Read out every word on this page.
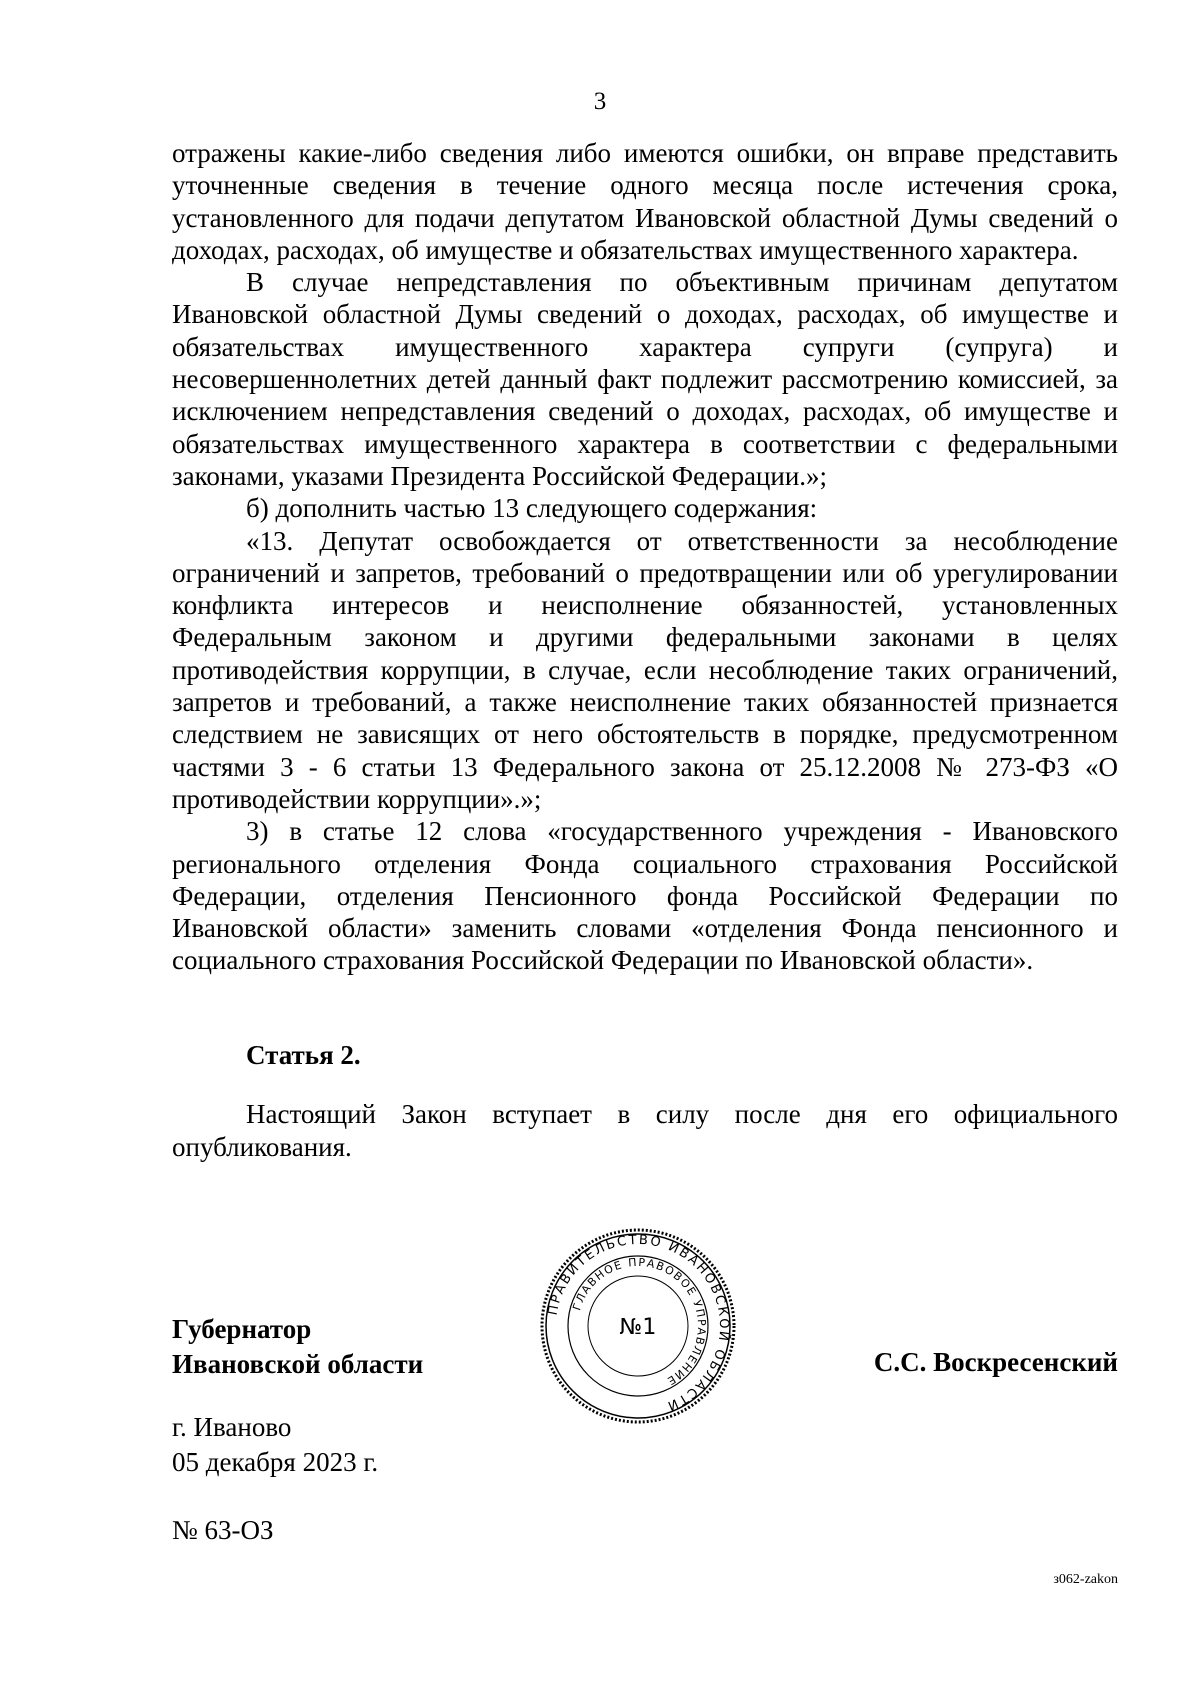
3

отражены какие-либо сведения либо имеются ошибки, он вправе представить уточненные сведения в течение одного месяца после истечения срока, установленного для подачи депутатом Ивановской областной Думы сведений о доходах, расходах, об имуществе и обязательствах имущественного характера.

В случае непредставления по объективным причинам депутатом Ивановской областной Думы сведений о доходах, расходах, об имуществе и обязательствах имущественного характера супруги (супруга) и несовершеннолетних детей данный факт подлежит рассмотрению комиссией, за исключением непредставления сведений о доходах, расходах, об имуществе и обязательствах имущественного характера в соответствии с федеральными законами, указами Президента Российской Федерации.»;

б) дополнить частью 13 следующего содержания:

«13. Депутат освобождается от ответственности за несоблюдение ограничений и запретов, требований о предотвращении или об урегулировании конфликта интересов и неисполнение обязанностей, установленных Федеральным законом и другими федеральными законами в целях противодействия коррупции, в случае, если несоблюдение таких ограничений, запретов и требований, а также неисполнение таких обязанностей признается следствием не зависящих от него обстоятельств в порядке, предусмотренном частями 3 - 6 статьи 13 Федерального закона от 25.12.2008 № 273-ФЗ «О противодействии коррупции».»;

3) в статье 12 слова «государственного учреждения - Ивановского регионального отделения Фонда социального страхования Российской Федерации, отделения Пенсионного фонда Российской Федерации по Ивановской области» заменить словами «отделения Фонда пенсионного и социального страхования Российской Федерации по Ивановской области».

Статья 2.
Настоящий Закон вступает в силу после дня его официального опубликования.
Губернатор
Ивановской области
ПРАВИТЕЛЬСТВО ИВАНОВСКОЙ ОБЛАСТИ
ГЛАВНОЕ ПРАВОВОЕ УПРАВЛЕНИЕ
№1
С.С. Воскресенский
г. Иваново
05 декабря 2023 г.
№ 63-ОЗ
з062-zakon
